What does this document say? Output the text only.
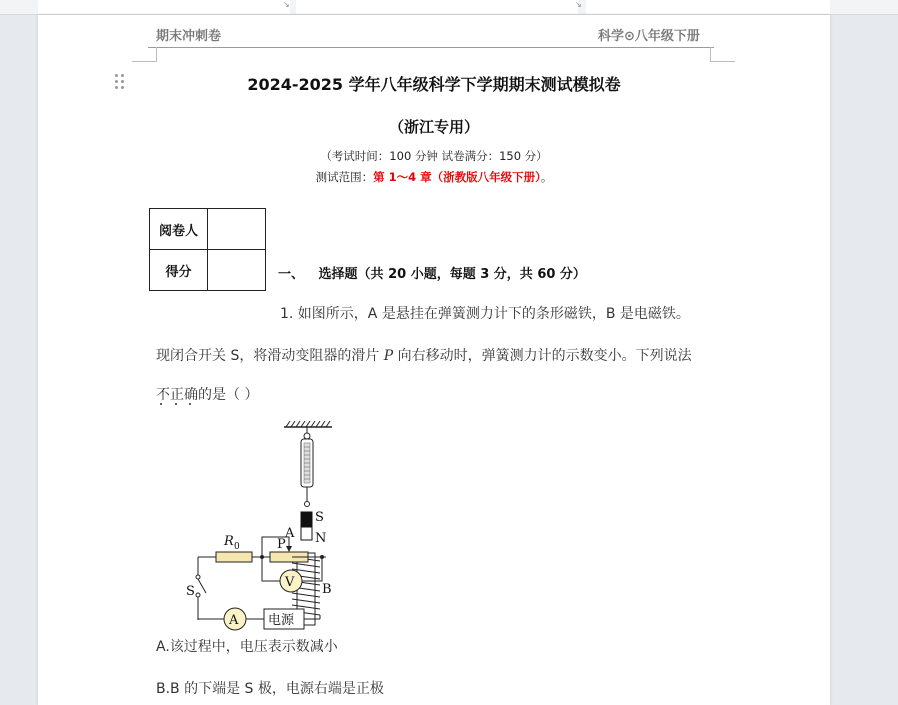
↘	↘
期末冲刺卷	科学⊙八年级下册
2024-2025 学年八年级科学下学期期末测试模拟卷
（浙江专用）
（考试时间：100 分钟 试卷满分：150 分）
测试范围：第 1～4 章（浙教版八年级下册）。
阅卷人	
得分		一、 选择题（共 20 小题，每题 3 分，共 60 分）
1. 如图所示，A 是悬挂在弹簧测力计下的条形磁铁，B 是电磁铁。
现闭合开关 S，将滑动变阻器的滑片 P 向右移动时，弹簧测力计的示数变小。下列说法
不正确的是（ ）
S
N
A
B
R 0	P
V
S
A 电源
A.该过程中，电压表示数减小
B.B 的下端是 S 极，电源右端是正极
